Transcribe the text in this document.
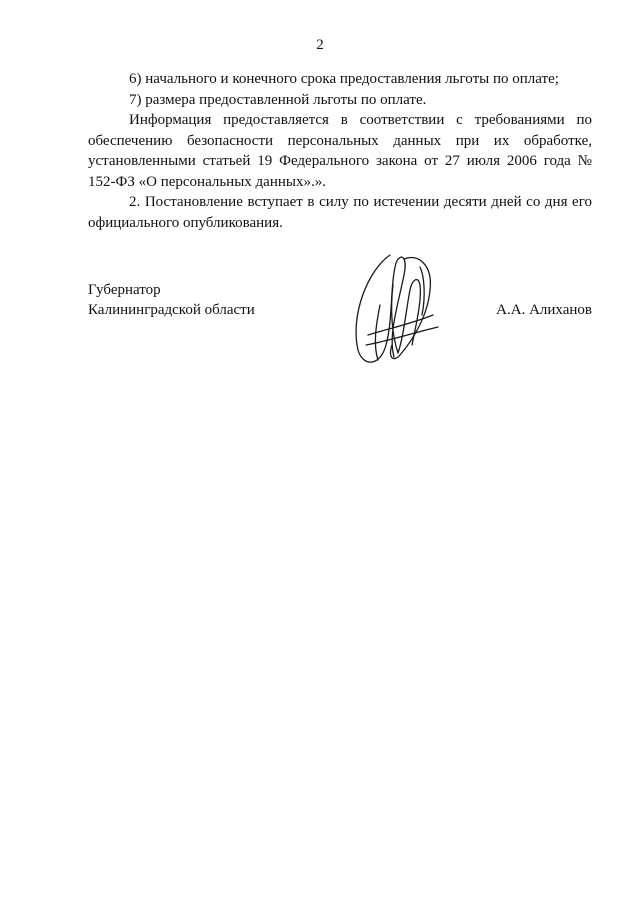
2

6) начального и конечного срока предоставления льготы по оплате;

7) размера предоставленной льготы по оплате.

Информация предоставляется в соответствии с требованиями по обеспечению безопасности персональных данных при их обработке, установленными статьей 19 Федерального закона от 27 июля 2006 года № 152-ФЗ «О персональных данных».».

2. Постановление вступает в силу по истечении десяти дней со дня его официального опубликования.

Губернатор
Калининградской области	А.А. Алиханов
